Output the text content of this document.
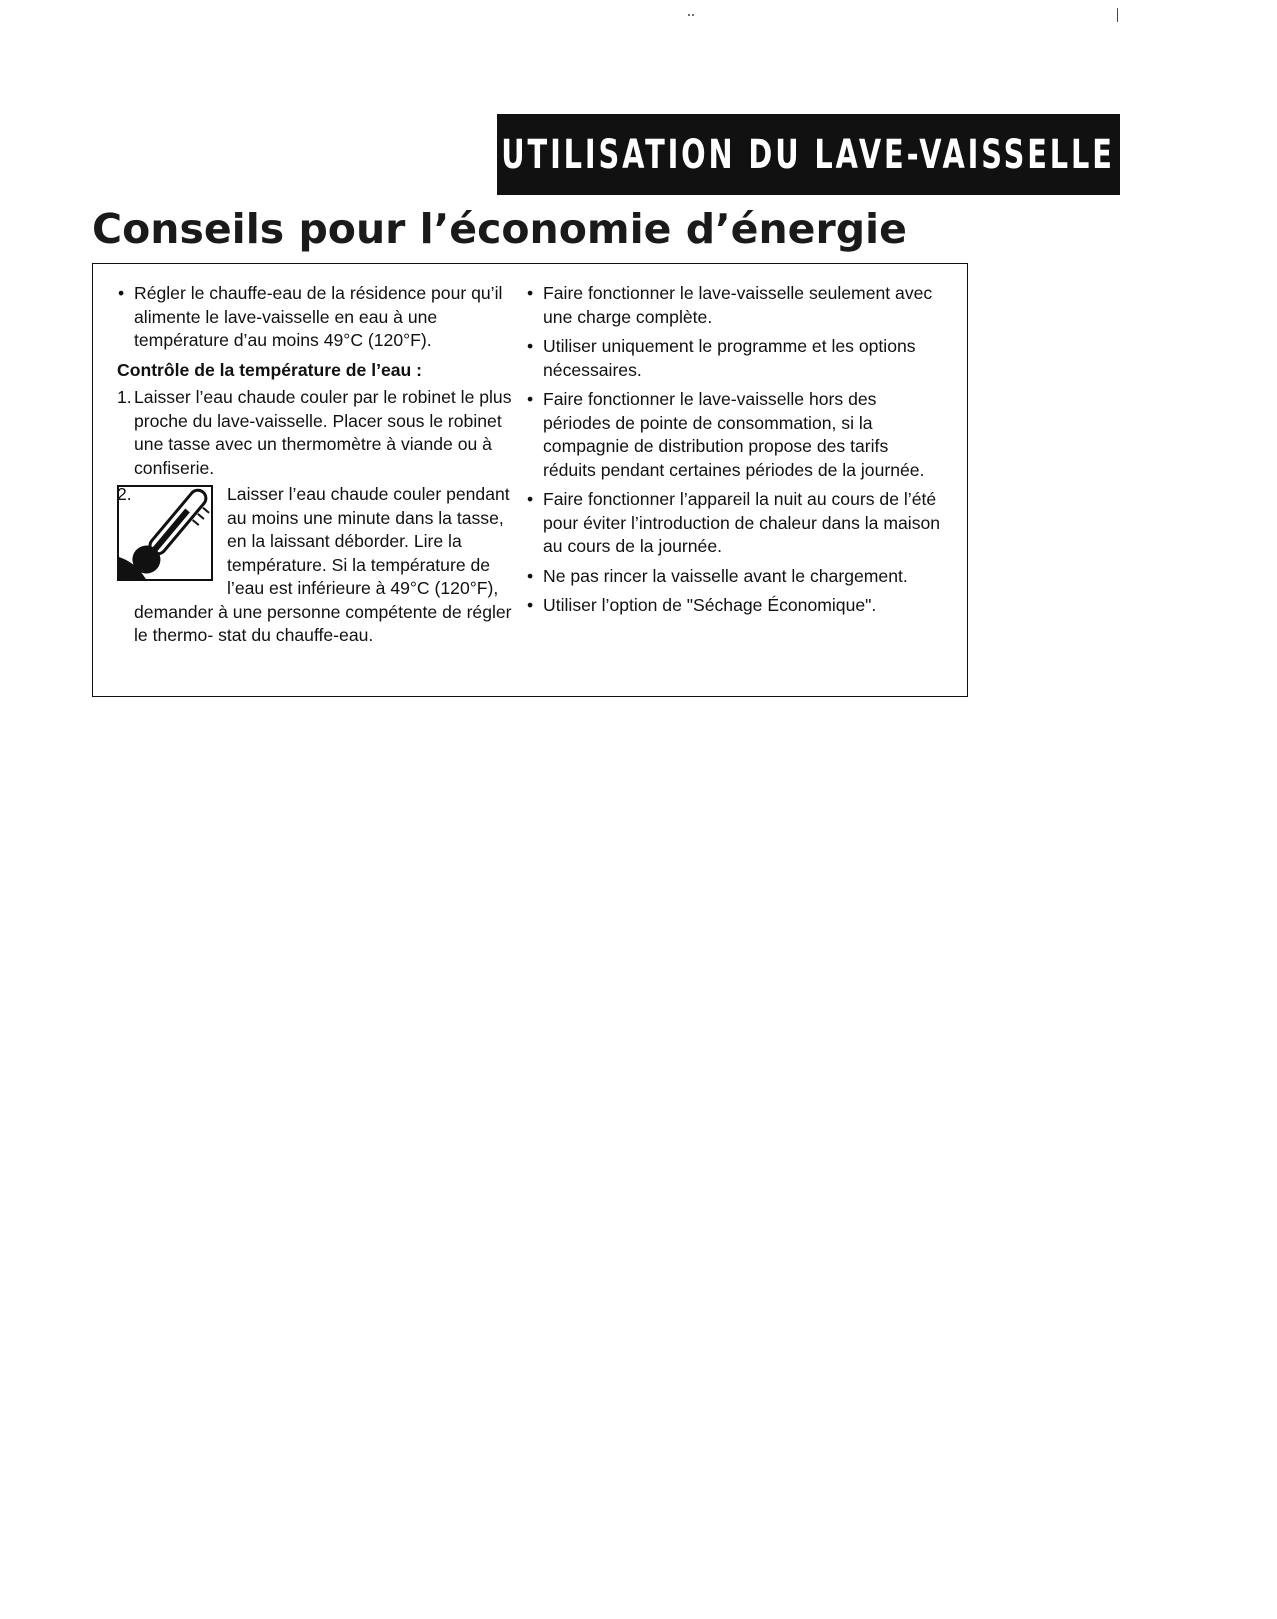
UTILISATION DU LAVE-VAISSELLE
Conseils pour l’économie d’énergie
• Régler le chauffe-eau de la résidence pour qu’il alimente le lave-vaisselle en eau à une température d’au moins 49°C (120°F).
Contrôle de la température de l’eau :
1. Laisser l’eau chaude couler par le robinet le plus proche du lave-vaisselle. Placer sous le robinet une tasse avec un thermomètre à viande ou à confiserie.
2.	Laisser l’eau chaude couler pendant au moins une minute dans la tasse, en la laissant déborder. Lire la température. Si la température de l’eau est inférieure à 49°C (120°F), demander à une personne compétente de régler le thermo- stat du chauffe-eau.
• Faire fonctionner le lave-vaisselle seulement avec une charge complète.
• Utiliser uniquement le programme et les options nécessaires.
• Faire fonctionner le lave-vaisselle hors des périodes de pointe de consommation, si la compagnie de distribution propose des tarifs réduits pendant certaines périodes de la journée.
• Faire fonctionner l’appareil la nuit au cours de l’été pour éviter l’introduction de chaleur dans la maison au cours de la journée.
• Ne pas rincer la vaisselle avant le chargement.
• Utiliser l’option de "Séchage Économique".
